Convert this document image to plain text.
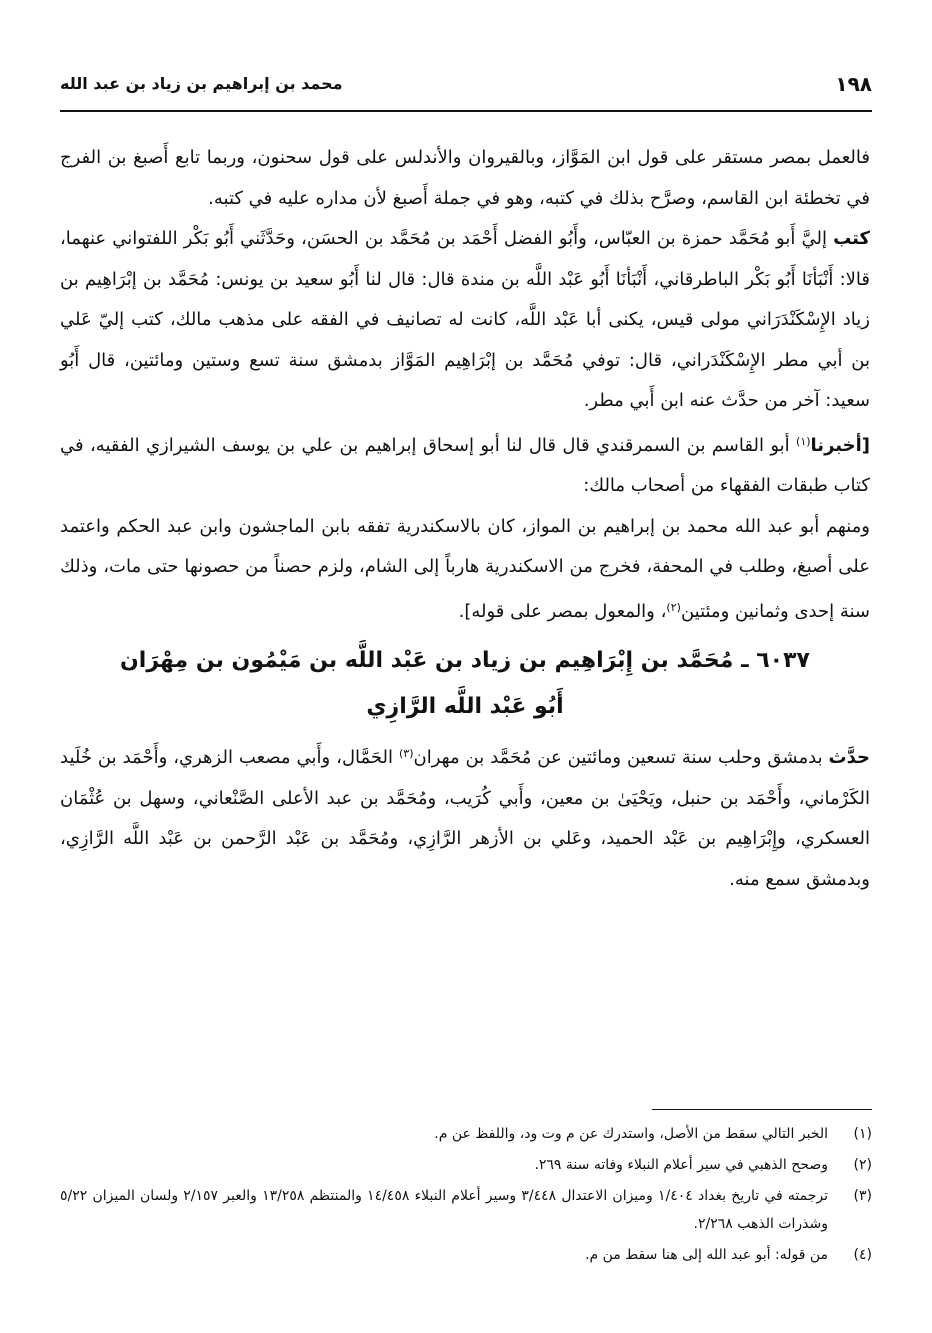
١٩٨
محمد بن إبراهيم بن زياد بن عبد الله

فالعمل بمصر مستقر على قول ابن المَوَّاز، وبالقيروان والأندلس على قول سحنون، وربما تابع أَصبغ بن الفرج في تخطئة ابن القاسم، وصرَّح بذلك في كتبه، وهو في جملة أَصبغ لأن مداره عليه في كتبه.

كتب إليَّ أَبو مُحَمَّد حمزة بن العبّاس، وأَبُو الفضل أَحْمَد بن مُحَمَّد بن الحسَن، وحَدَّثَني أَبُو بَكْر اللفتواني عنهما، قالا: أَنْبَأنَا أَبُو بَكْر الباطرقاني، أَنْبَأنَا أَبُو عَبْد اللَّه بن مندة قال: قال لنا أَبُو سعيد بن يونس: مُحَمَّد بن إبْرَاهِيم بن زياد الإِسْكَنْدَرَاني مولى قيس، يكنى أبا عَبْد اللَّه، كانت له تصانيف في الفقه على مذهب مالك، كتب إليّ عَلي بن أبي مطر الإِسْكَنْدَراني، قال: توفي مُحَمَّد بن إبْرَاهِيم المَوَّاز بدمشق سنة تسع وستين ومائتين، قال أَبُو سعيد: آخر من حدَّث عنه ابن أَبي مطر.

[أخبرنا$^{(١)}$ أبو القاسم بن السمرقندي قال قال لنا أبو إسحاق إبراهيم بن علي بن يوسف الشيرازي الفقيه، في كتاب طبقات الفقهاء من أصحاب مالك:

ومنهم أبو عبد الله محمد بن إبراهيم بن المواز، كان بالاسكندرية تفقه بابن الماجشون وابن عبد الحكم واعتمد على أصبغ، وطلب في المحفة، فخرج من الاسكندرية هارباً إلى الشام، ولزم حصناً من حصونها حتى مات، وذلك سنة إحدى وثمانين ومئتين$^{(٢)}$، والمعول بمصر على قوله].

٦٠٣٧ ـ مُحَمَّد بن إِبْرَاهِيم بن زياد بن عَبْد اللَّه بن مَيْمُون بن مِهْرَان
أَبُو عَبْد اللَّه الرَّازِي

حدَّث بدمشق وحلب سنة تسعين ومائتين عن مُحَمَّد بن مهران$^{(٣)}$ الحَمَّال، وأَبي مصعب الزهري، وأَحْمَد بن خُلَيد الكَرْماني، وأَحْمَد بن حنبل، ويَحْيَىٰ بن معين، وأَبي كُرَيب، ومُحَمَّد بن عبد الأعلى الصَّنْعاني، وسهل بن عُثْمَان العسكري، وإِبْرَاهِيم بن عَبْد الحميد، وعَلي بن الأزهر الرَّازِي، ومُحَمَّد بن عَبْد الرَّحمن بن عَبْد اللَّه الرَّازِي، وبدمشق سمع منه.

(١)
الخبر التالي سقط من الأصل، واستدرك عن م وت ود، واللفظ عن م.
(٢)
وصحح الذهبي في سير أعلام النبلاء وفاته سنة ٢٦٩.
(٣)
ترجمته في تاريخ بغداد ١/٤٠٤ وميزان الاعتدال ٣/٤٤٨ وسير أعلام النبلاء ١٤/٤٥٨ والمنتظم ١٣/٢٥٨ والعبر ٢/١٥٧ ولسان الميزان ٥/٢٢ وشذرات الذهب ٢/٢٦٨.
(٤)
من قوله: أبو عبد الله إلى هنا سقط من م.
